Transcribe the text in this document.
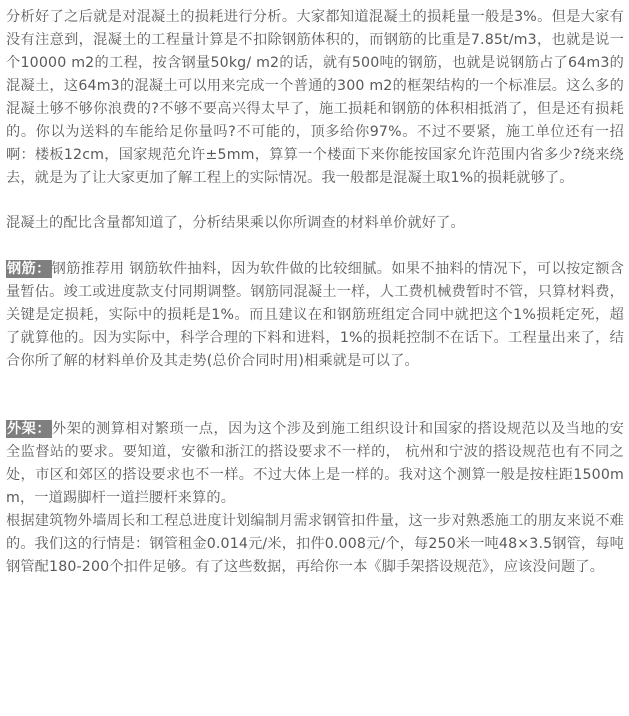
分析好了之后就是对混凝土的损耗进行分析。大家都知道混凝土的损耗量一般是3%。但是大家有没有注意到，混凝土的工程量计算是不扣除钢筋体积的，而钢筋的比重是7.85t/m3，也就是说一个10000 m2的工程，按含钢量50kg/ m2的话，就有500吨的钢筋，也就是说钢筋占了64m3的混凝土，这64m3的混凝土可以用来完成一个普通的300 m2的框架结构的一个标准层。这么多的混凝土够不够你浪费的?不够不要高兴得太早了，施工损耗和钢筋的体积相抵消了，但是还有损耗的。你以为送料的车能给足你量吗?不可能的，顶多给你97%。不过不要紧，施工单位还有一招啊：楼板12cm，国家规范允许±5mm，算算一个楼面下来你能按国家允许范围内省多少?绕来绕去，就是为了让大家更加了解工程上的实际情况。我一般都是混凝土取1%的损耗就够了。

混凝土的配比含量都知道了，分析结果乘以你所调查的材料单价就好了。

钢筋：钢筋推荐用 钢筋软件抽料，因为软件做的比较细腻。如果不抽料的情况下，可以按定额含量暂估。竣工或进度款支付同期调整。钢筋同混凝土一样，人工费机械费暂时不管，只算材料费，关键是定损耗，实际中的损耗是1%。而且建议在和钢筋班组定合同中就把这个1%损耗定死，超了就算他的。因为实际中，科学合理的下料和进料，1%的损耗控制不在话下。工程量出来了，结合你所了解的材料单价及其走势(总价合同时用)相乘就是可以了。

外架：外架的测算相对繁琐一点，因为这个涉及到施工组织设计和国家的搭设规范以及当地的安全监督站的要求。要知道，安徽和浙江的搭设要求不一样的， 杭州和宁波的搭设规范也有不同之处，市区和郊区的搭设要求也不一样。不过大体上是一样的。我对这个测算一般是按柱距1500mm，一道踢脚杆一道拦腰杆来算的。

根据建筑物外墙周长和工程总进度计划编制月需求钢管扣件量，这一步对熟悉施工的朋友来说不难的。我们这的行情是：钢管租金0.014元/米，扣件0.008元/个，每250米一吨48×3.5钢管，每吨钢管配180-200个扣件足够。有了这些数据，再给你一本《脚手架搭设规范》，应该没问题了。
